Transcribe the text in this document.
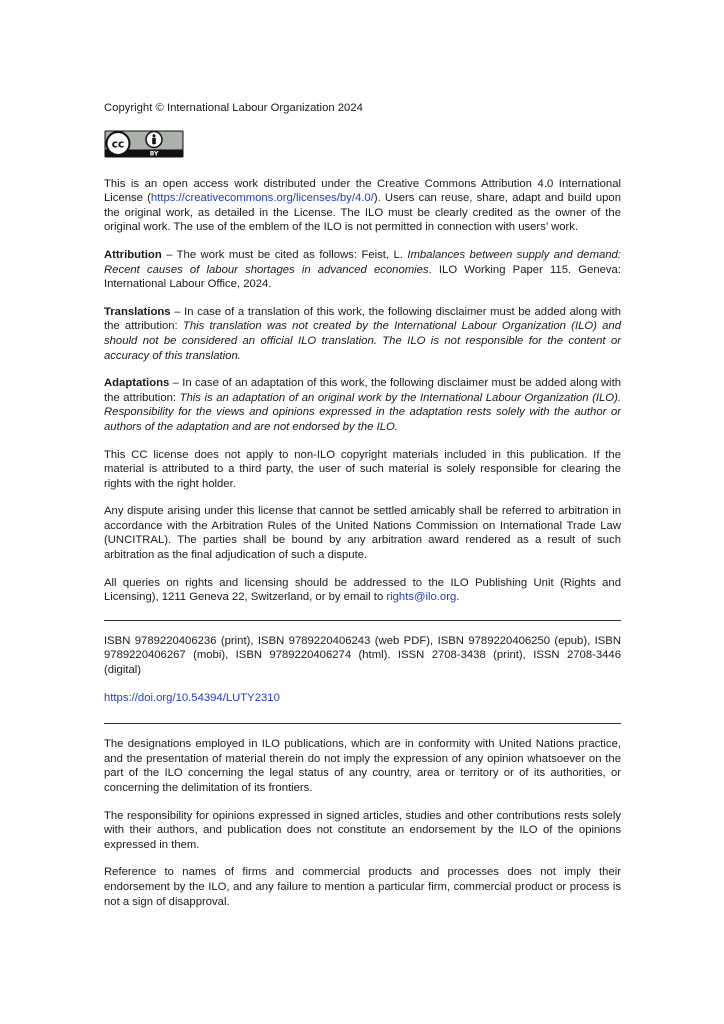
Copyright © International Labour Organization 2024
cc
BY

This is an open access work distributed under the Creative Commons Attribution 4.0 International License (https://creativecommons.org/licenses/by/4.0/). Users can reuse, share, adapt and build upon the original work, as detailed in the License. The ILO must be clearly credited as the owner of the original work. The use of the emblem of the ILO is not permitted in connection with users’ work.

Attribution – The work must be cited as follows: Feist, L. Imbalances between supply and demand: Recent causes of labour shortages in advanced economies. ILO Working Paper 115. Geneva: International Labour Office, 2024.

Translations – In case of a translation of this work, the following disclaimer must be added along with the attribution: This translation was not created by the International Labour Organization (ILO) and should not be considered an official ILO translation. The ILO is not responsible for the content or accuracy of this translation.

Adaptations – In case of an adaptation of this work, the following disclaimer must be added along with the attribution: This is an adaptation of an original work by the International Labour Organization (ILO). Responsibility for the views and opinions expressed in the adaptation rests solely with the author or authors of the adaptation and are not endorsed by the ILO.

This CC license does not apply to non-ILO copyright materials included in this publication. If the material is attributed to a third party, the user of such material is solely responsible for clearing the rights with the right holder.

Any dispute arising under this license that cannot be settled amicably shall be referred to arbitration in accordance with the Arbitration Rules of the United Nations Commission on International Trade Law (UNCITRAL). The parties shall be bound by any arbitration award rendered as a result of such arbitration as the final adjudication of such a dispute.

All queries on rights and licensing should be addressed to the ILO Publishing Unit (Rights and Licensing), 1211 Geneva 22, Switzerland, or by email to rights@ilo.org.

ISBN 9789220406236 (print), ISBN 9789220406243 (web PDF), ISBN 9789220406250 (epub), ISBN 9789220406267 (mobi), ISBN 9789220406274 (html). ISSN 2708-3438 (print), ISSN 2708-3446 (digital)

https://doi.org/10.54394/LUTY2310

The designations employed in ILO publications, which are in conformity with United Nations practice, and the presentation of material therein do not imply the expression of any opinion whatsoever on the part of the ILO concerning the legal status of any country, area or territory or of its authorities, or concerning the delimitation of its frontiers.

The responsibility for opinions expressed in signed articles, studies and other contributions rests solely with their authors, and publication does not constitute an endorsement by the ILO of the opinions expressed in them.

Reference to names of firms and commercial products and processes does not imply their endorsement by the ILO, and any failure to mention a particular firm, commercial product or process is not a sign of disapproval.
